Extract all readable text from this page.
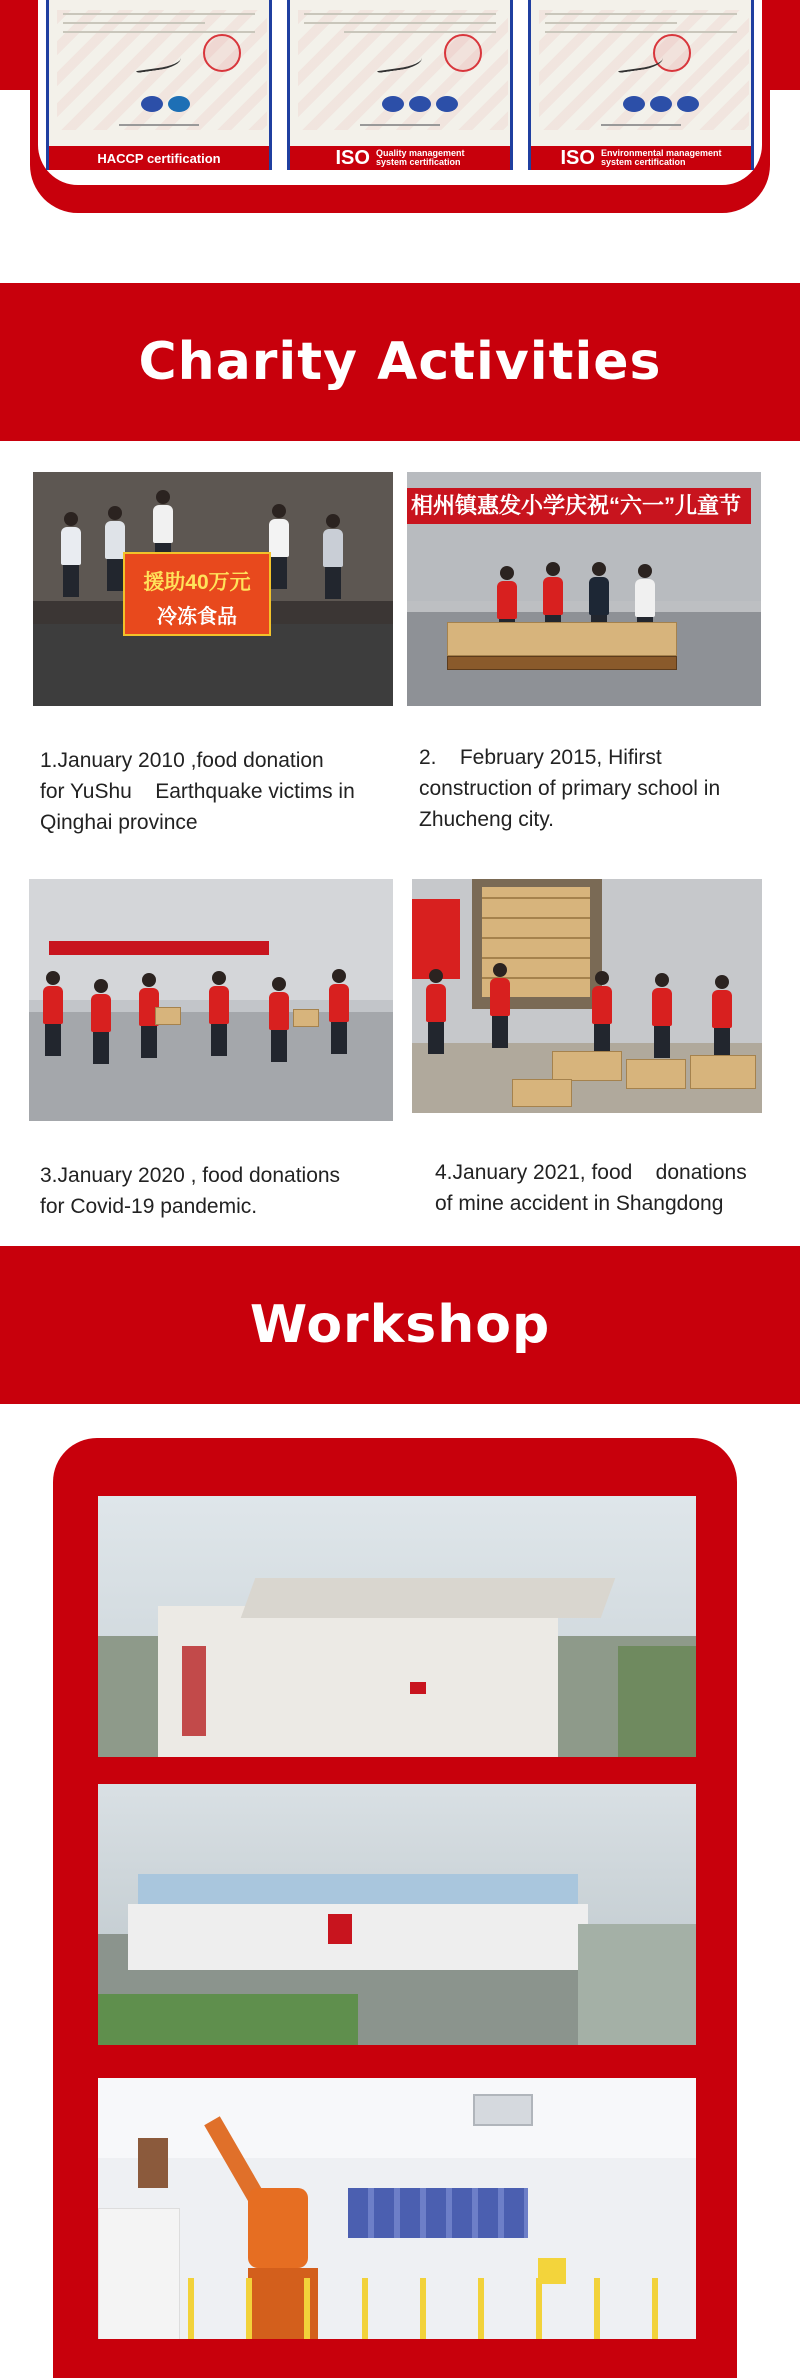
HACCP certification	ISO Quality management
system certification	ISO Environmental management
system certification
Charity Activities
援助40万元
冷冻食品
相州镇惠发小学庆祝“六一”儿童节

1.January 2010 ,food donation
for YuShu    Earthquake victims in
Qinghai province

2.    February 2015, Hifirst
construction of primary school in
Zhucheng city.

3.January 2020 , food donations
for Covid-19 pandemic.

4.January 2021, food    donations
of mine accident in Shangdong

Workshop
